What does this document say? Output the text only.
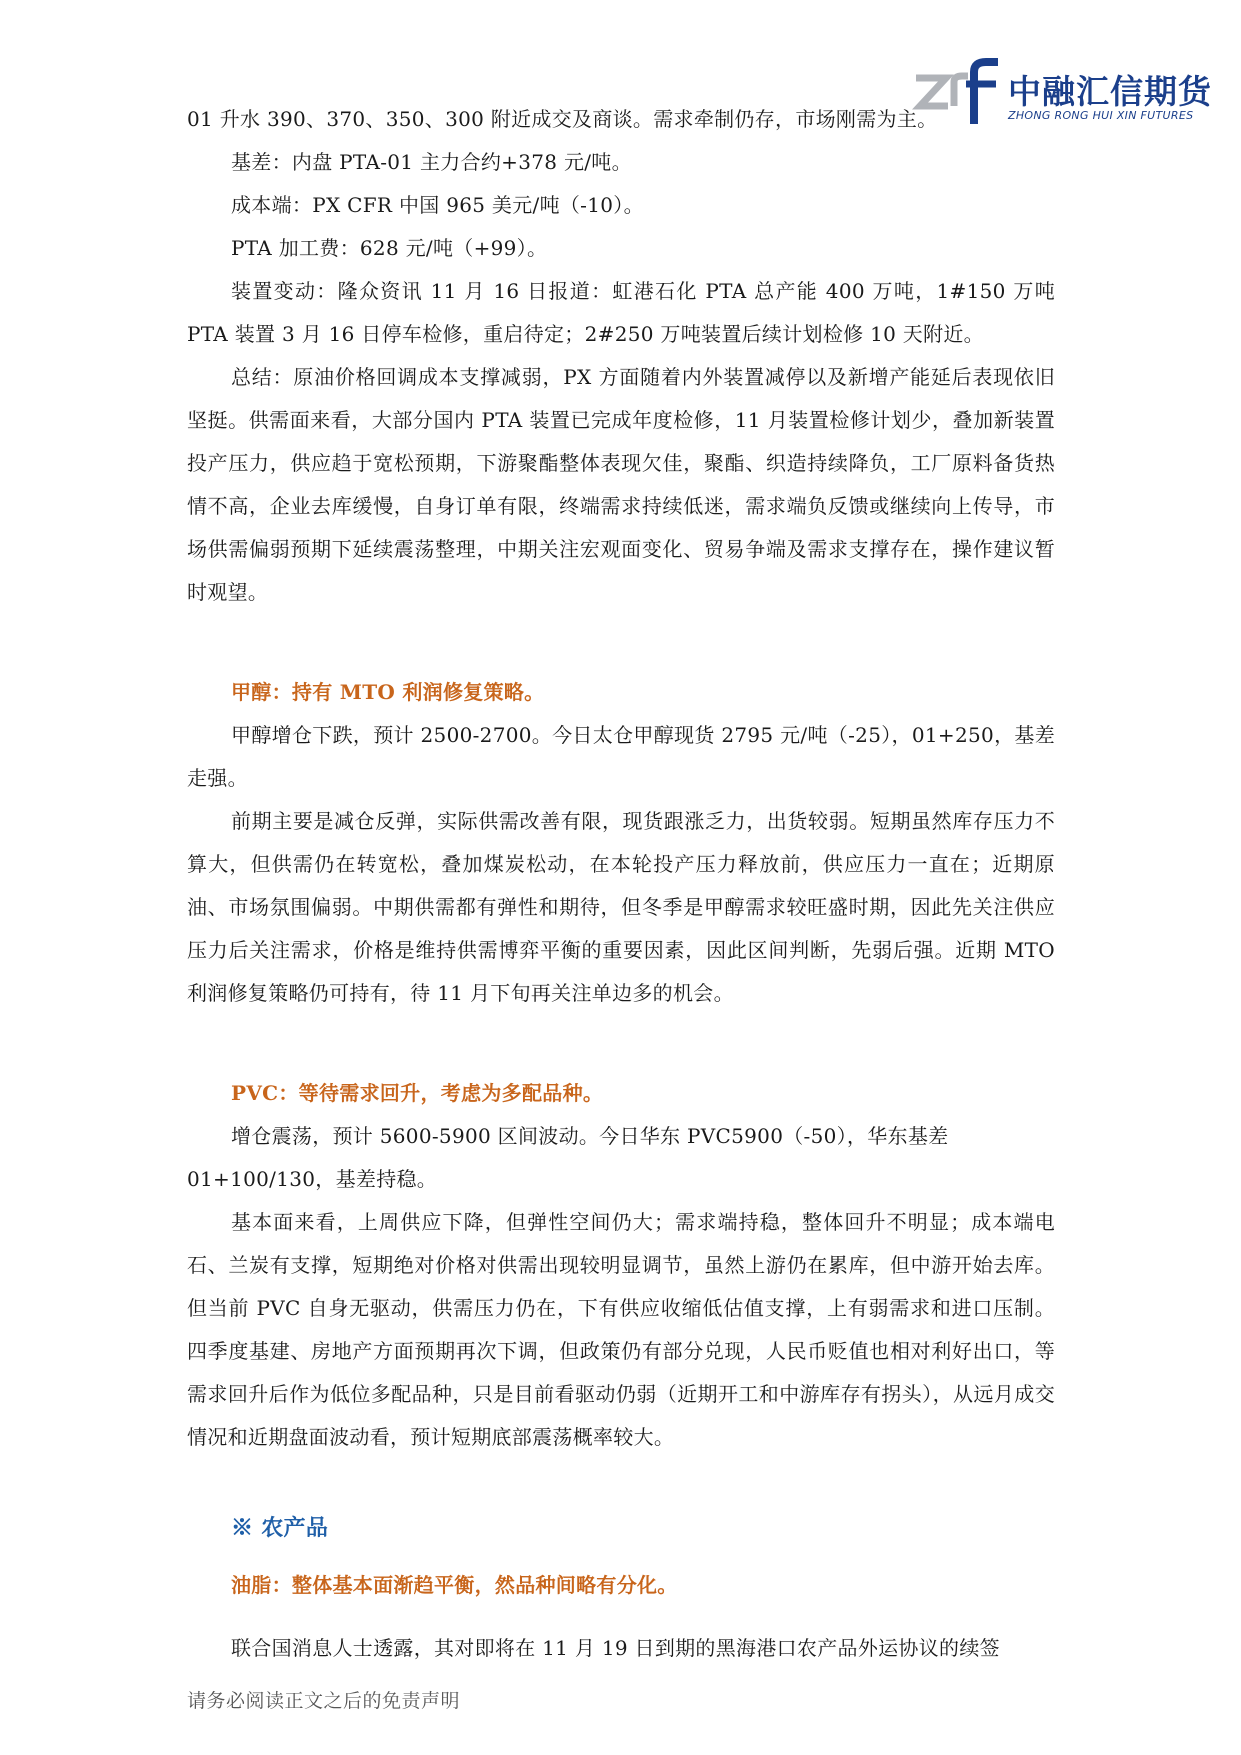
中融汇信期货
ZHONG RONG HUI XIN FUTURES

01 升水 390、370、350、300 附近成交及商谈。需求牵制仍存，市场刚需为主。

基差：内盘 PTA-01 主力合约+378 元/吨。

成本端：PX CFR 中国 965 美元/吨（-10）。

PTA 加工费：628 元/吨（+99）。

装置变动：隆众资讯 11 月 16 日报道：虹港石化 PTA 总产能 400 万吨，1#150 万吨 PTA 装置 3 月 16 日停车检修，重启待定；2#250 万吨装置后续计划检修 10 天附近。

总结：原油价格回调成本支撑减弱，PX 方面随着内外装置减停以及新增产能延后表现依旧坚挺。供需面来看，大部分国内 PTA 装置已完成年度检修，11 月装置检修计划少，叠加新装置投产压力，供应趋于宽松预期，下游聚酯整体表现欠佳，聚酯、织造持续降负，工厂原料备货热情不高，企业去库缓慢，自身订单有限，终端需求持续低迷，需求端负反馈或继续向上传导，市场供需偏弱预期下延续震荡整理，中期关注宏观面变化、贸易争端及需求支撑存在，操作建议暂时观望。

甲醇：持有 MTO 利润修复策略。

甲醇增仓下跌，预计 2500-2700。今日太仓甲醇现货 2795 元/吨（-25），01+250，基差走强。

前期主要是减仓反弹，实际供需改善有限，现货跟涨乏力，出货较弱。短期虽然库存压力不算大，但供需仍在转宽松，叠加煤炭松动，在本轮投产压力释放前，供应压力一直在；近期原油、市场氛围偏弱。中期供需都有弹性和期待，但冬季是甲醇需求较旺盛时期，因此先关注供应压力后关注需求，价格是维持供需博弈平衡的重要因素，因此区间判断，先弱后强。近期 MTO 利润修复策略仍可持有，待 11 月下旬再关注单边多的机会。

PVC：等待需求回升，考虑为多配品种。

增仓震荡，预计 5600-5900 区间波动。今日华东 PVC5900（-50），华东基差

01+100/130，基差持稳。

基本面来看，上周供应下降，但弹性空间仍大；需求端持稳，整体回升不明显；成本端电石、兰炭有支撑，短期绝对价格对供需出现较明显调节，虽然上游仍在累库，但中游开始去库。但当前 PVC 自身无驱动，供需压力仍在，下有供应收缩低估值支撑，上有弱需求和进口压制。四季度基建、房地产方面预期再次下调，但政策仍有部分兑现，人民币贬值也相对利好出口，等需求回升后作为低位多配品种，只是目前看驱动仍弱（近期开工和中游库存有拐头），从远月成交情况和近期盘面波动看，预计短期底部震荡概率较大。

※ 农产品

油脂：整体基本面渐趋平衡，然品种间略有分化。

联合国消息人士透露，其对即将在 11 月 19 日到期的黑海港口农产品外运协议的续签

请务必阅读正文之后的免责声明
